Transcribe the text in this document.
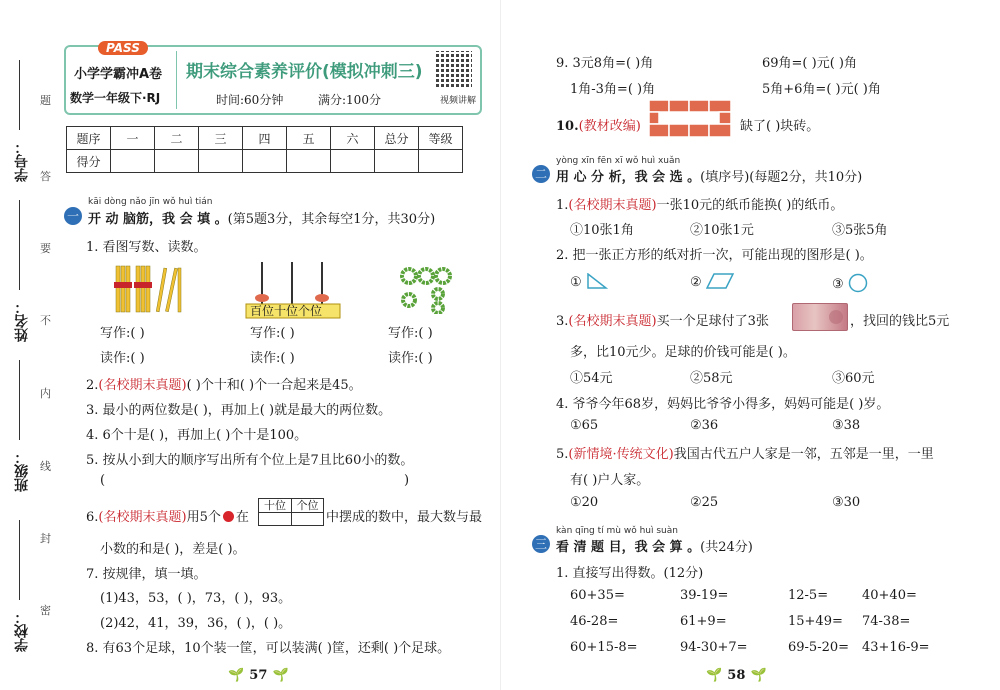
学号：
姓名：
班级：
学校：
题
答
要
不
内
线
封
密
PASS
小学学霸冲A卷
数学一年级下·RJ
期末综合素养评价(模拟冲刺三)
时间:60分钟	满分:100分	视频讲解
题序	一	二	三	四	五	六	总分	等级
得分								
kāi dòng nǎo jīn wǒ huì tián
一 开 动 脑筋，我 会 填 。(第5题3分，其余每空1分，共30分)
1. 看图写数、读数。
百位十位个位
写作:( )
读作:( )
写作:( )
读作:( )
写作:( )
读作:( )
2.(名校期末真题)( )个十和( )个一合起来是45。
3. 最小的两位数是( )，再加上( )就是最大的两位数。
4. 6个十是( )，再加上( )个十是100。
5. 按从小到大的顺序写出所有个位上是7且比60小的数。
(	)
6.(名校期末真题)用5个 在
十位 个位
中摆成的数中，最大数与最
小数的和是( )，差是( )。
7. 按规律，填一填。
(1)43，53，( )，73，( )，93。
(2)42，41，39，36，( )，( )。
8. 有63个足球，10个装一筐，可以装满( )筐，还剩( )个足球。
🌱 57 🌱
9. 3元8角=( )角	69角=( )元( )角
1角-3角=( )角	5角+6角=( )元( )角
10.(教材改编)	缺了( )块砖。
yòng xīn fēn xī wǒ huì xuǎn
二 用 心 分 析，我 会 选 。(填序号)(每题2分，共10分)
1.(名校期末真题)一张10元的纸币能换( )的纸币。
①10张1角	②10张1元	③5张5角
2. 把一张正方形的纸对折一次，可能出现的图形是( )。
①	②	③
3.(名校期末真题)买一个足球付了3张	，找回的钱比5元
多，比10元少。足球的价钱可能是( )。
①54元	②58元	③60元
4. 爷爷今年68岁，妈妈比爷爷小得多，妈妈可能是( )岁。
①65	②36	③38
5.(新情境·传统文化)我国古代五户人家是一邻，五邻是一里，一里
有( )户人家。
①20	②25	③30
kàn qīng tí mù wǒ huì suàn
三 看 清 题 目，我 会 算 。(共24分)
1. 直接写出得数。(12分)
60+35=	39-19=	12-5=	40+40=
46-28=	61+9=	15+49= 74-38=
60+15-8=	94-30+7=	69-5-20= 43+16-9=
🌱 58 🌱
